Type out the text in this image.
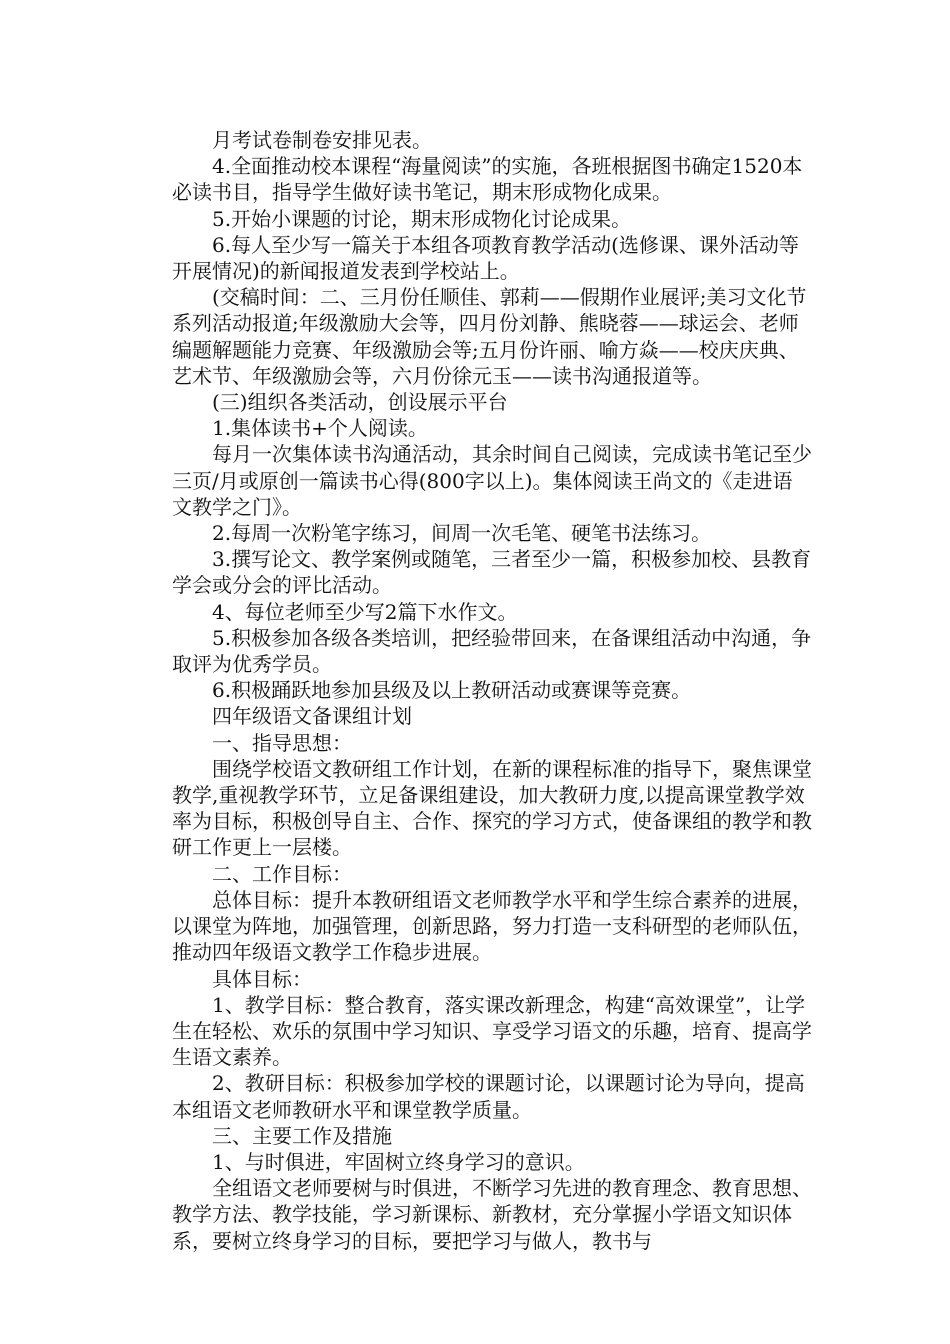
月考试卷制卷安排见表。

4.全面推动校本课程“海量阅读”的实施，各班根据图书确定1520本必读书目，指导学生做好读书笔记，期末形成物化成果。

5.开始小课题的讨论，期末形成物化讨论成果。

6.每人至少写一篇关于本组各项教育教学活动(选修课、课外活动等开展情况)的新闻报道发表到学校站上。

(交稿时间：二、三月份任顺佳、郭莉——假期作业展评;美习文化节系列活动报道;年级激励大会等，四月份刘静、熊晓蓉——球运会、老师编题解题能力竞赛、年级激励会等;五月份许丽、喻方焱——校庆庆典、艺术节、年级激励会等，六月份徐元玉——读书沟通报道等。

(三)组织各类活动，创设展示平台

1.集体读书+个人阅读。

每月一次集体读书沟通活动，其余时间自己阅读，完成读书笔记至少三页/月或原创一篇读书心得(800字以上)。集体阅读王尚文的《走进语文教学之门》。

2.每周一次粉笔字练习，间周一次毛笔、硬笔书法练习。

3.撰写论文、教学案例或随笔，三者至少一篇，积极参加校、县教育学会或分会的评比活动。

4、每位老师至少写2篇下水作文。

5.积极参加各级各类培训，把经验带回来，在备课组活动中沟通，争取评为优秀学员。

6.积极踊跃地参加县级及以上教研活动或赛课等竞赛。

四年级语文备课组计划

一、指导思想：

围绕学校语文教研组工作计划，在新的课程标准的指导下，聚焦课堂教学,重视教学环节，立足备课组建设，加大教研力度,以提高课堂教学效率为目标，积极创导自主、合作、探究的学习方式，使备课组的教学和教研工作更上一层楼。

二、工作目标：

总体目标：提升本教研组语文老师教学水平和学生综合素养的进展，以课堂为阵地，加强管理，创新思路，努力打造一支科研型的老师队伍，推动四年级语文教学工作稳步进展。

具体目标：

1、教学目标：整合教育，落实课改新理念，构建“高效课堂”，让学生在轻松、欢乐的氛围中学习知识、享受学习语文的乐趣，培育、提高学生语文素养。

2、教研目标：积极参加学校的课题讨论，以课题讨论为导向，提高本组语文老师教研水平和课堂教学质量。

三、主要工作及措施

1、与时俱进，牢固树立终身学习的意识。

全组语文老师要树与时俱进，不断学习先进的教育理念、教育思想、教学方法、教学技能，学习新课标、新教材，充分掌握小学语文知识体系，要树立终身学习的目标，要把学习与做人，教书与
